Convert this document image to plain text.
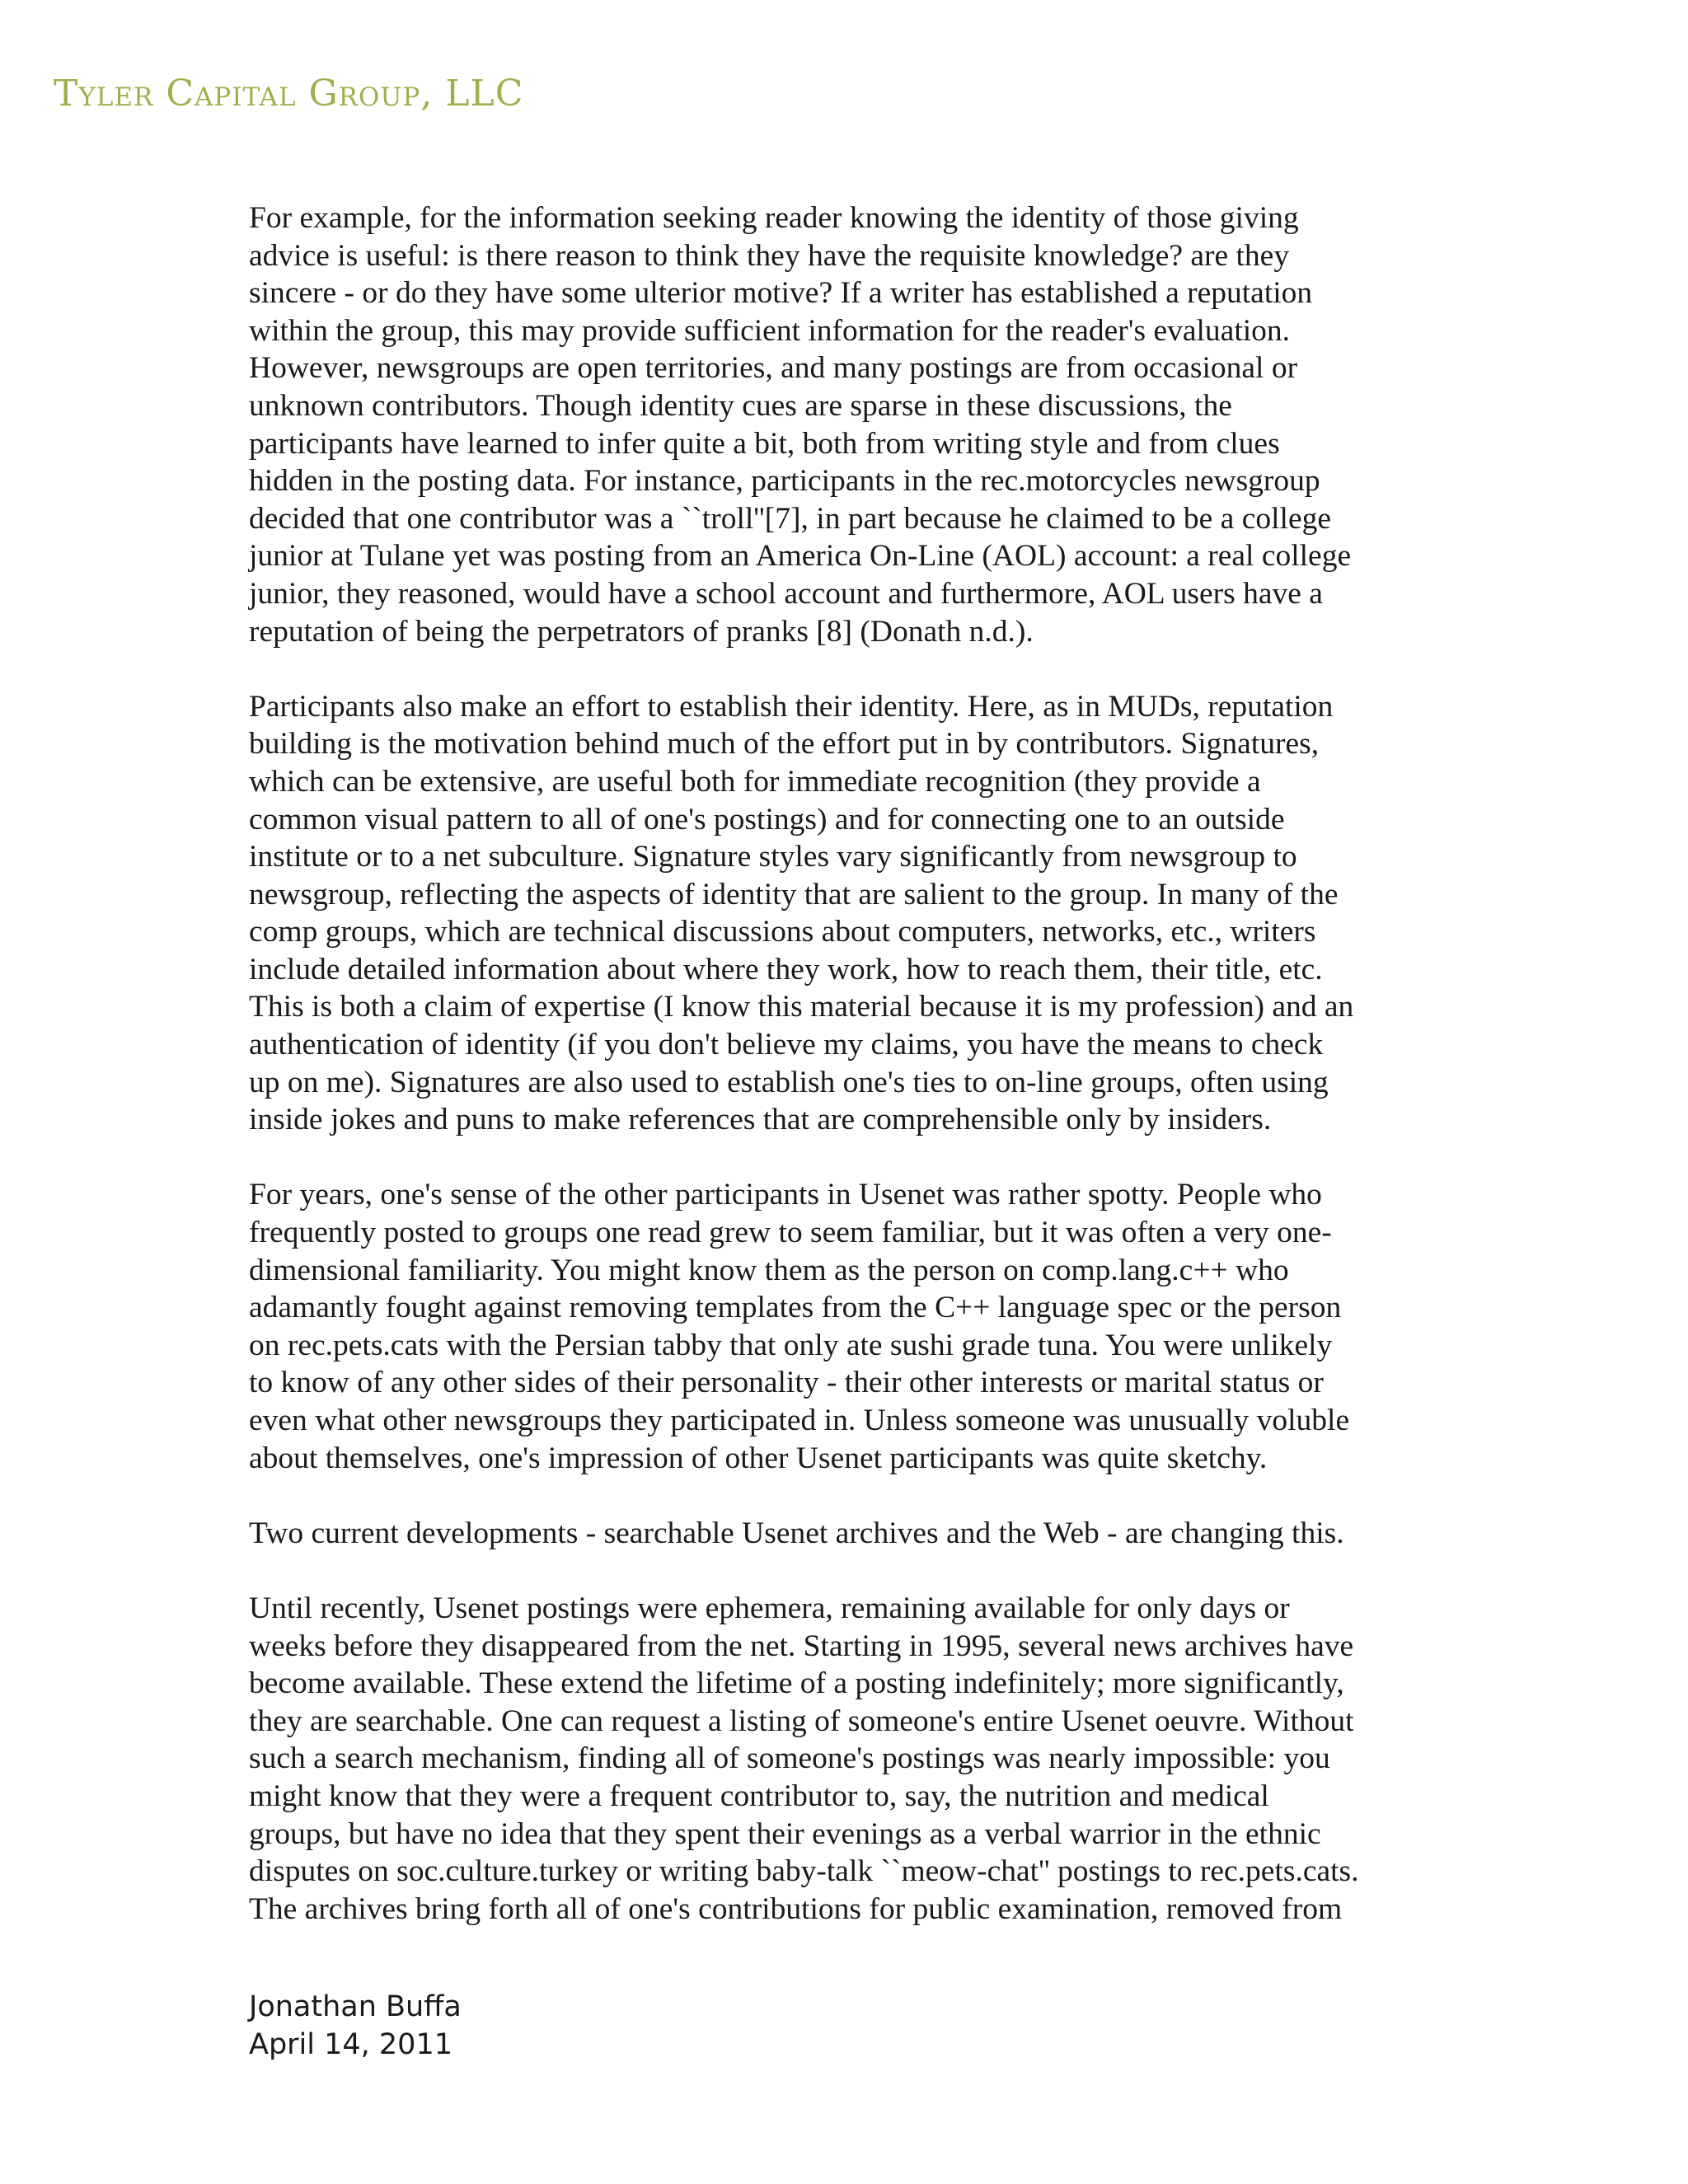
Tyler Capital Group, LLC

For example, for the information seeking reader knowing the identity of those giving
advice is useful: is there reason to think they have the requisite knowledge? are they
sincere - or do they have some ulterior motive? If a writer has established a reputation
within the group, this may provide sufficient information for the reader's evaluation.
However, newsgroups are open territories, and many postings are from occasional or
unknown contributors. Though identity cues are sparse in these discussions, the
participants have learned to infer quite a bit, both from writing style and from clues
hidden in the posting data. For instance, participants in the rec.motorcycles newsgroup
decided that one contributor was a ``troll''[7], in part because he claimed to be a college
junior at Tulane yet was posting from an America On-Line (AOL) account: a real college
junior, they reasoned, would have a school account and furthermore, AOL users have a
reputation of being the perpetrators of pranks [8] (Donath n.d.).

Participants also make an effort to establish their identity. Here, as in MUDs, reputation
building is the motivation behind much of the effort put in by contributors. Signatures,
which can be extensive, are useful both for immediate recognition (they provide a
common visual pattern to all of one's postings) and for connecting one to an outside
institute or to a net subculture. Signature styles vary significantly from newsgroup to
newsgroup, reflecting the aspects of identity that are salient to the group. In many of the
comp groups, which are technical discussions about computers, networks, etc., writers
include detailed information about where they work, how to reach them, their title, etc.
This is both a claim of expertise (I know this material because it is my profession) and an
authentication of identity (if you don't believe my claims, you have the means to check
up on me). Signatures are also used to establish one's ties to on-line groups, often using
inside jokes and puns to make references that are comprehensible only by insiders.

For years, one's sense of the other participants in Usenet was rather spotty. People who
frequently posted to groups one read grew to seem familiar, but it was often a very one-
dimensional familiarity. You might know them as the person on comp.lang.c++ who
adamantly fought against removing templates from the C++ language spec or the person
on rec.pets.cats with the Persian tabby that only ate sushi grade tuna. You were unlikely
to know of any other sides of their personality - their other interests or marital status or
even what other newsgroups they participated in. Unless someone was unusually voluble
about themselves, one's impression of other Usenet participants was quite sketchy.

Two current developments - searchable Usenet archives and the Web - are changing this.

Until recently, Usenet postings were ephemera, remaining available for only days or
weeks before they disappeared from the net. Starting in 1995, several news archives have
become available. These extend the lifetime of a posting indefinitely; more significantly,
they are searchable. One can request a listing of someone's entire Usenet oeuvre. Without
such a search mechanism, finding all of someone's postings was nearly impossible: you
might know that they were a frequent contributor to, say, the nutrition and medical
groups, but have no idea that they spent their evenings as a verbal warrior in the ethnic
disputes on soc.culture.turkey or writing baby-talk ``meow-chat'' postings to rec.pets.cats.
The archives bring forth all of one's contributions for public examination, removed from

Jonathan Buffa
April 14, 2011
